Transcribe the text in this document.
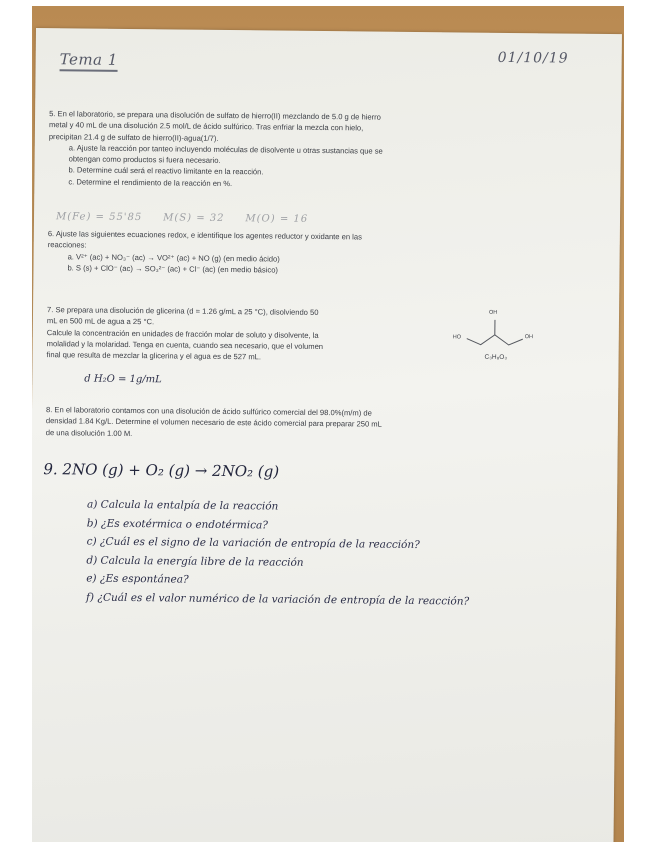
Tema 1	01/10/19

5. En el laboratorio, se prepara una disolución de sulfato de hierro(II) mezclando de 5.0 g de hierro

metal y 40 mL de una disolución 2.5 mol/L de ácido sulfúrico. Tras enfriar la mezcla con hielo,

precipitan 21.4 g de sulfato de hierro(II)-agua(1/7).

a. Ajuste la reacción por tanteo incluyendo moléculas de disolvente u otras sustancias que se

obtengan como productos si fuera necesario.

b. Determine cuál será el reactivo limitante en la reacción.

c. Determine el rendimiento de la reacción en %.

M(Fe) = 55'85     M(S) = 32     M(O) = 16

6. Ajuste las siguientes ecuaciones redox, e identifique los agentes reductor y oxidante en las

reacciones:

a. V²⁺ (ac) + NO₃⁻ (ac) → VO²⁺ (ac) + NO (g) (en medio ácido)

b. S (s) + ClO⁻ (ac) → SO₃²⁻ (ac) + Cl⁻ (ac) (en medio básico)

7. Se prepara una disolución de glicerina (d = 1.26 g/mL a 25 °C), disolviendo 50

mL en 500 mL de agua a 25 °C.

Calcule la concentración en unidades de fracción molar de soluto y disolvente, la

molalidad y la molaridad. Tenga en cuenta, cuando sea necesario, que el volumen

final que resulta de mezclar la glicerina y el agua es de 527 mL.

d H₂O = 1g/mL
OH
HO	OH
C₃H₈O₃

8. En el laboratorio contamos con una disolución de ácido sulfúrico comercial del 98.0%(m/m) de

densidad 1.84 Kg/L. Determine el volumen necesario de este ácido comercial para preparar 250 mL

de una disolución 1.00 M.

9. 2NO (g) + O₂ (g) → 2NO₂ (g)
a) Calcula la entalpía de la reacción
b) ¿Es exotérmica o endotérmica?
c) ¿Cuál es el signo de la variación de entropía de la reacción?
d) Calcula la energía libre de la reacción
e) ¿Es espontánea?
f) ¿Cuál es el valor numérico de la variación de entropía de la reacción?
